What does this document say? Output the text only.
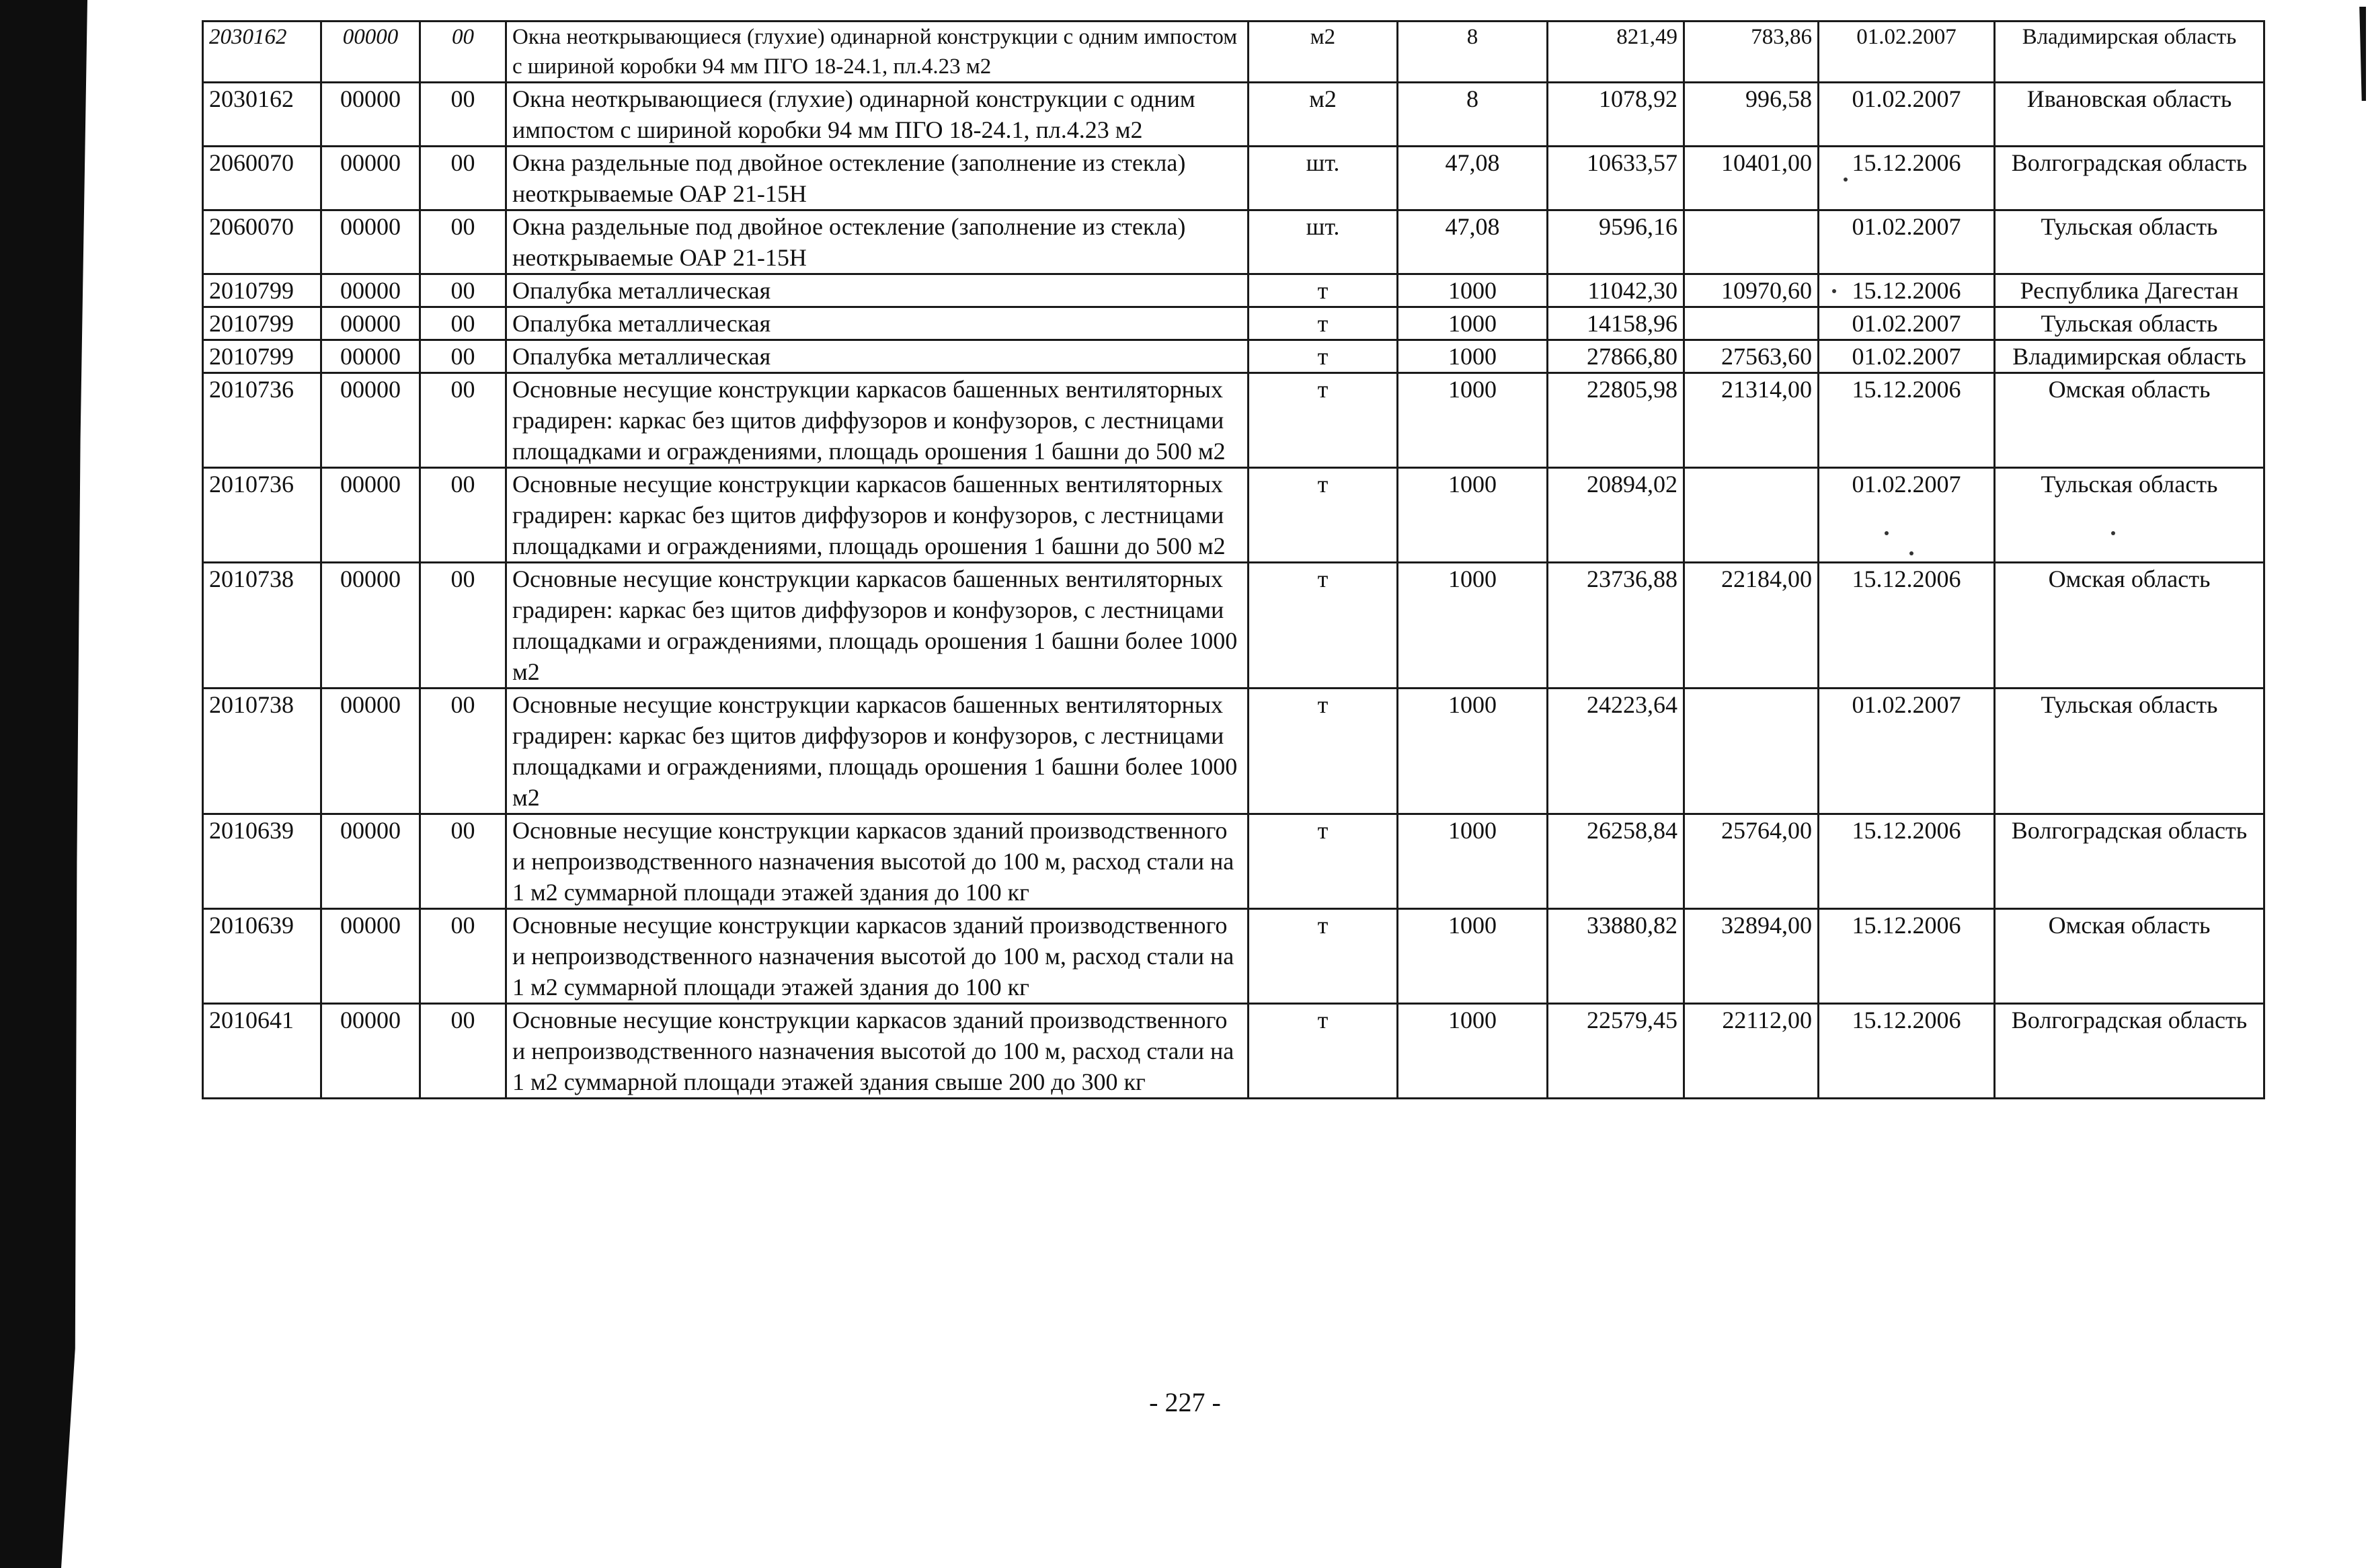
2030162	00000	00	Окна неоткрывающиеся (глухие) одинарной конструкции с одним импостом с шириной коробки 94 мм ПГО 18-24.1, пл.4.23 м2	м2	8	821,49	783,86	01.02.2007	Владимирская область
2030162	00000	00	Окна неоткрывающиеся (глухие) одинарной конструкции с одним импостом с шириной коробки 94 мм ПГО 18-24.1, пл.4.23 м2	м2	8	1078,92	996,58	01.02.2007	Ивановская область
2060070	00000	00	Окна раздельные под двойное остекление (заполнение из стекла) неоткрываемые ОАР 21-15Н	шт.	47,08	10633,57	10401,00	15.12.2006	Волгоградская область
2060070	00000	00	Окна раздельные под двойное остекление (заполнение из стекла) неоткрываемые ОАР 21-15Н	шт.	47,08	9596,16		01.02.2007	Тульская область
2010799	00000	00	Опалубка металлическая	т	1000	11042,30	10970,60	15.12.2006	Республика Дагестан
2010799	00000	00	Опалубка металлическая	т	1000	14158,96		01.02.2007	Тульская область
2010799	00000	00	Опалубка металлическая	т	1000	27866,80	27563,60	01.02.2007	Владимирская область
2010736	00000	00	Основные несущие конструкции каркасов башенных вентиляторных градирен: каркас без щитов диффузоров и конфузоров, с лестницами площадками и ограждениями, площадь орошения 1 башни до 500 м2	т	1000	22805,98	21314,00	15.12.2006	Омская область
2010736	00000	00	Основные несущие конструкции каркасов башенных вентиляторных градирен: каркас без щитов диффузоров и конфузоров, с лестницами площадками и ограждениями, площадь орошения 1 башни до 500 м2	т	1000	20894,02		01.02.2007	Тульская область
2010738	00000	00	Основные несущие конструкции каркасов башенных вентиляторных градирен: каркас без щитов диффузоров и конфузоров, с лестницами площадками и ограждениями, площадь орошения 1 башни более 1000 м2	т	1000	23736,88	22184,00	15.12.2006	Омская область
2010738	00000	00	Основные несущие конструкции каркасов башенных вентиляторных градирен: каркас без щитов диффузоров и конфузоров, с лестницами площадками и ограждениями, площадь орошения 1 башни более 1000 м2	т	1000	24223,64		01.02.2007	Тульская область
2010639	00000	00	Основные несущие конструкции каркасов зданий производственного и непроизводственного назначения высотой до 100 м, расход стали на 1 м2 суммарной площади этажей здания до 100 кг	т	1000	26258,84	25764,00	15.12.2006	Волгоградская область
2010639	00000	00	Основные несущие конструкции каркасов зданий производственного и непроизводственного назначения высотой до 100 м, расход стали на 1 м2 суммарной площади этажей здания до 100 кг	т	1000	33880,82	32894,00	15.12.2006	Омская область
2010641	00000	00	Основные несущие конструкции каркасов зданий производственного и непроизводственного назначения высотой до 100 м, расход стали на 1 м2 суммарной площади этажей здания свыше 200 до 300 кг	т	1000	22579,45	22112,00	15.12.2006	Волгоградская область
- 227 -
